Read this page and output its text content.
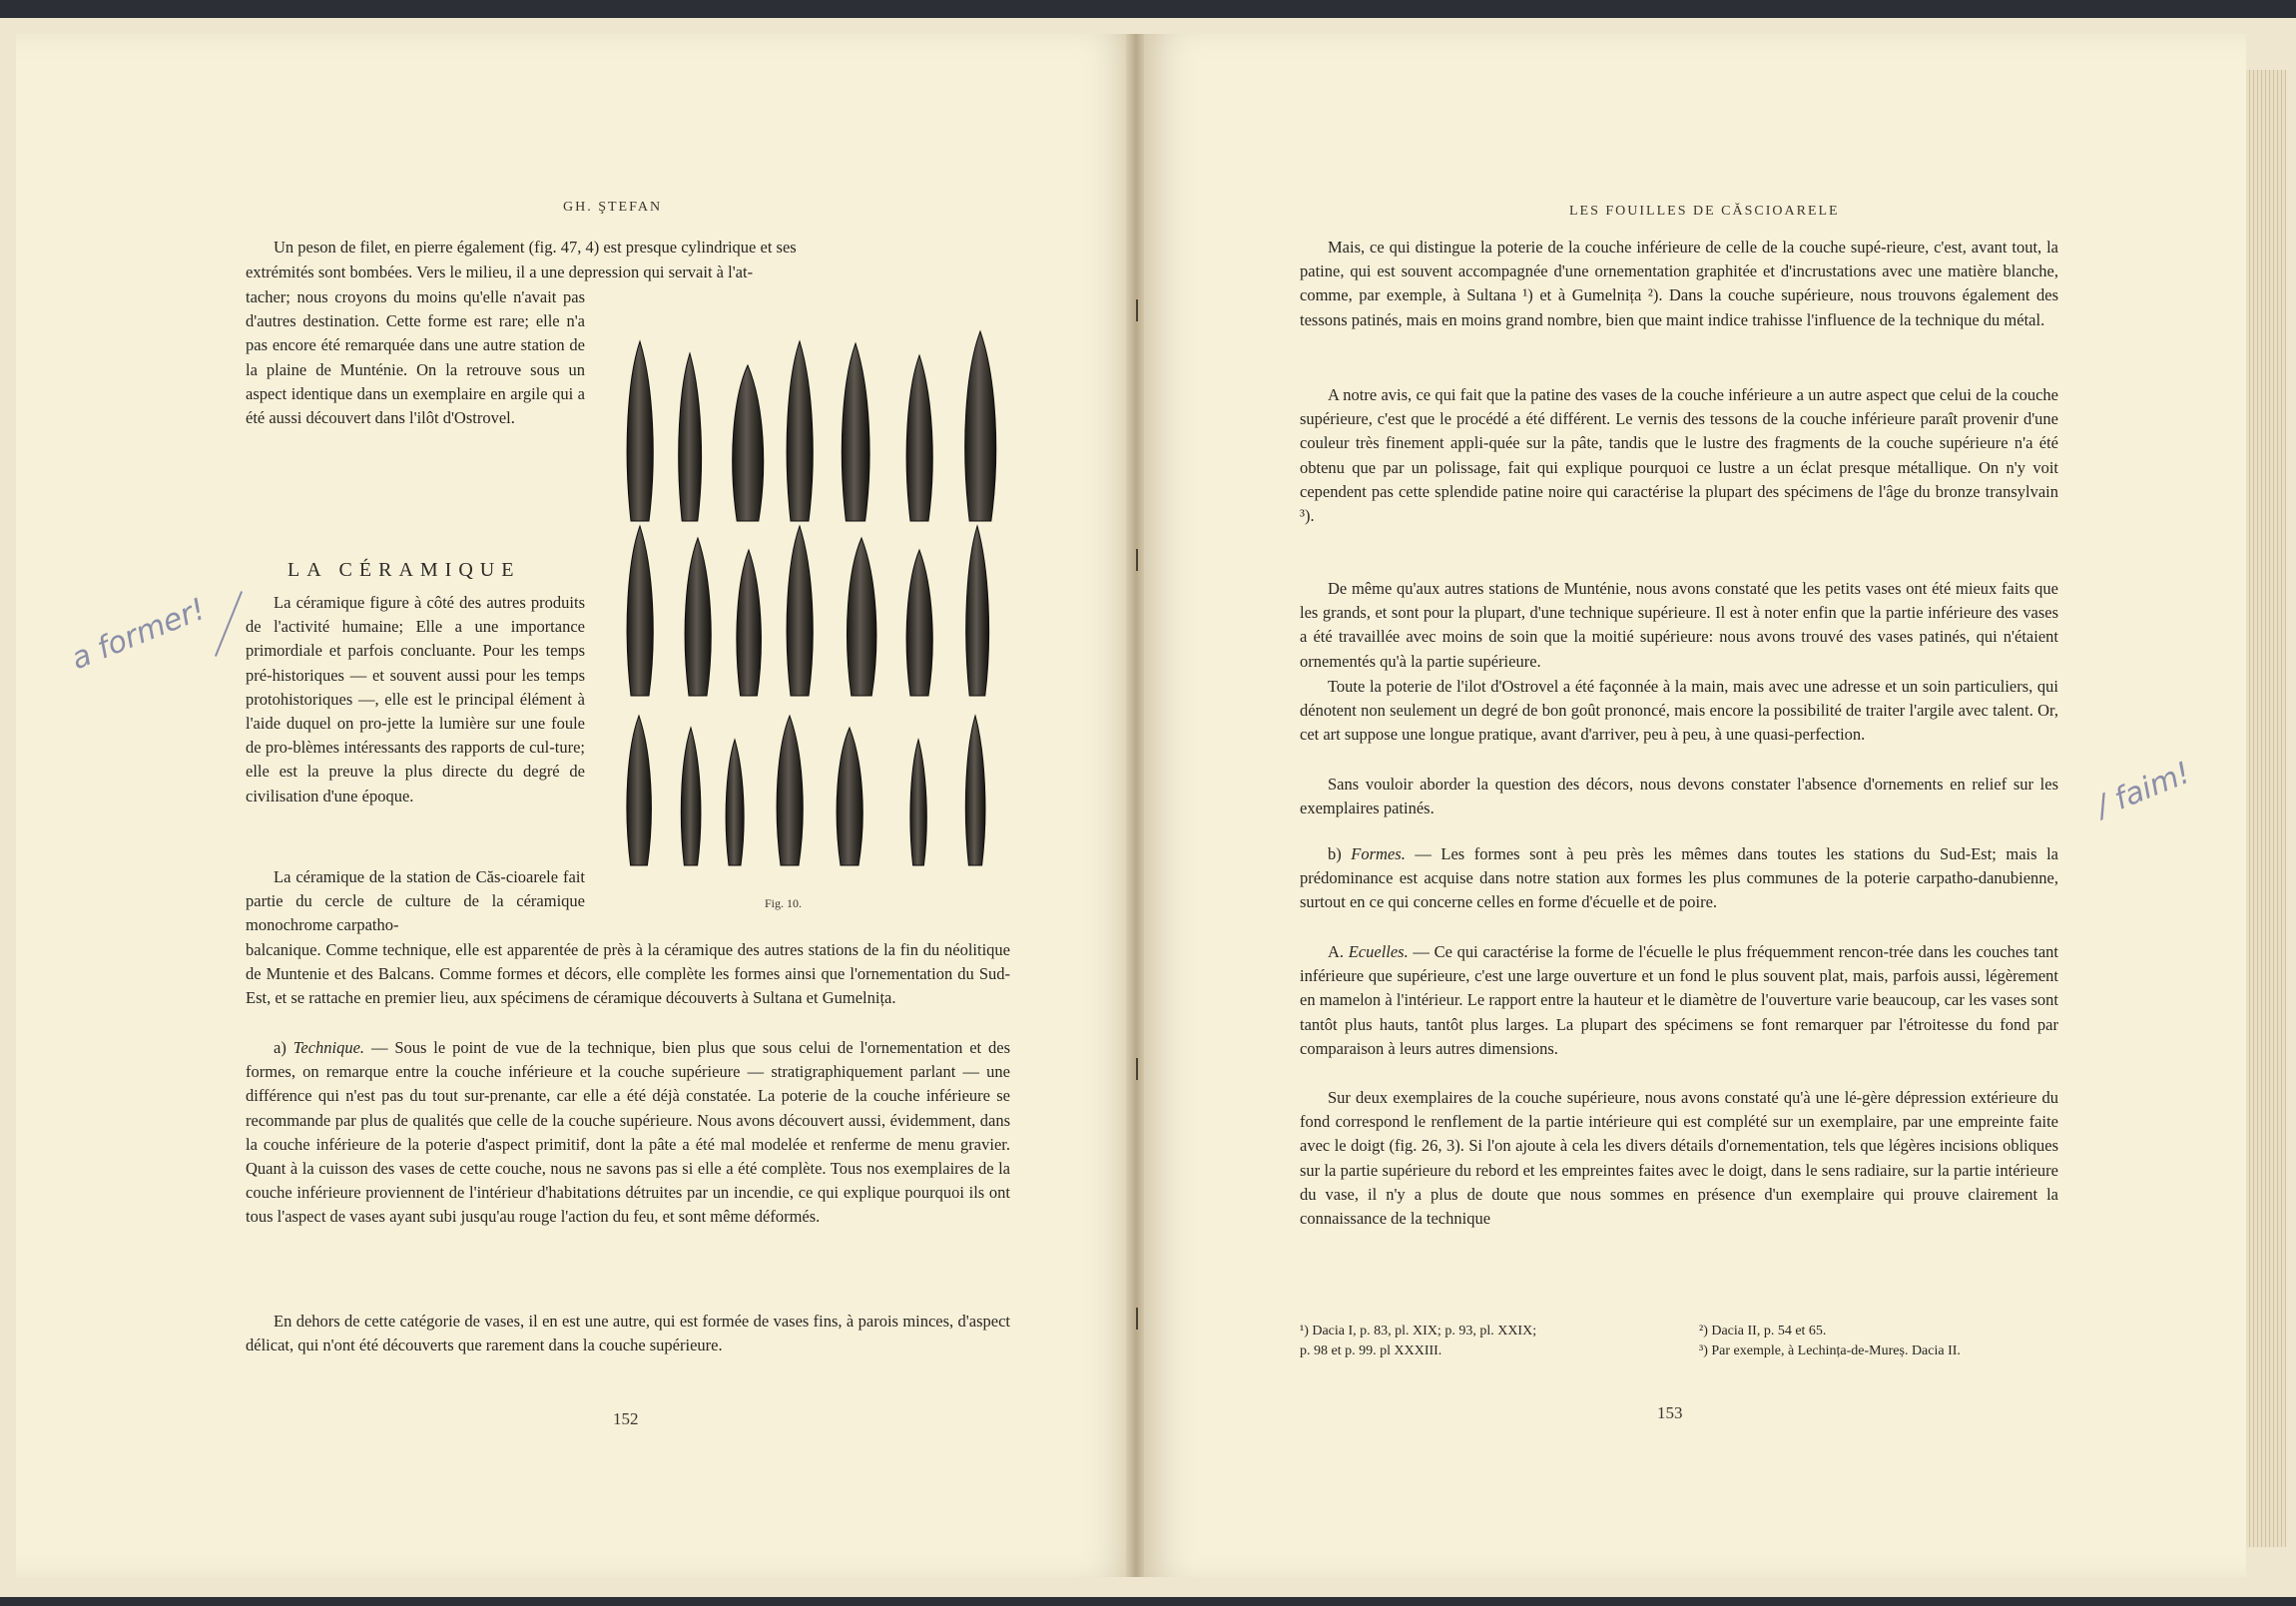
GH. ŞTEFAN

Un peson de filet, en pierre également (fig. 47, 4) est presque cylindrique et ses

extrémités sont bombées. Vers le milieu, il a une depression qui servait à l'at-

tacher; nous croyons du moins qu'elle n'avait pas d'autres destination. Cette forme est rare; elle n'a pas encore été remarquée dans une autre station de la plaine de Munténie. On la retrouve sous un aspect identique dans un exemplaire en argile qui a été aussi découvert dans l'ilôt d'Ostrovel.

LA CÉRAMIQUE

La céramique figure à côté des autres produits de l'activité humaine; Elle a une importance primordiale et parfois concluante. Pour les temps pré-historiques — et souvent aussi pour les temps protohistoriques —, elle est le principal élément à l'aide duquel on pro-jette la lumière sur une foule de pro-blèmes intéressants des rapports de cul-ture; elle est la preuve la plus directe du degré de civilisation d'une époque.

La céramique de la station de Căs-cioarele fait partie du cercle de culture de la céramique monochrome carpatho-

balcanique. Comme technique, elle est apparentée de près à la céramique des autres stations de la fin du néolitique de Muntenie et des Balcans. Comme formes et décors, elle complète les formes ainsi que l'ornementation du Sud-Est, et se rattache en premier lieu, aux spécimens de céramique découverts à Sultana et Gumelnița.

a) Technique. — Sous le point de vue de la technique, bien plus que sous celui de l'ornementation et des formes, on remarque entre la couche inférieure et la couche supérieure — stratigraphiquement parlant — une différence qui n'est pas du tout sur-prenante, car elle a été déjà constatée. La poterie de la couche inférieure se recommande par plus de qualités que celle de la couche supérieure. Nous avons découvert aussi, évidemment, dans la couche inférieure de la poterie d'aspect primitif, dont la pâte a été mal modelée et renferme de menu gravier. Quant à la cuisson des vases de cette couche, nous ne savons pas si elle a été complète. Tous nos exemplaires de la couche inférieure proviennent de l'intérieur d'habitations détruites par un incendie, ce qui explique pourquoi ils ont tous l'aspect de vases ayant subi jusqu'au rouge l'action du feu, et sont même déformés.

En dehors de cette catégorie de vases, il en est une autre, qui est formée de vases fins, à parois minces, d'aspect délicat, qui n'ont été découverts que rarement dans la couche supérieure.

Fig. 10.
152
a former!
LES FOUILLES DE CĂSCIOARELE

Mais, ce qui distingue la poterie de la couche inférieure de celle de la couche supé-rieure, c'est, avant tout, la patine, qui est souvent accompagnée d'une ornementation graphitée et d'incrustations avec une matière blanche, comme, par exemple, à Sultana ¹) et à Gumelnița ²). Dans la couche supérieure, nous trouvons également des tessons patinés, mais en moins grand nombre, bien que maint indice trahisse l'influence de la technique du métal.

A notre avis, ce qui fait que la patine des vases de la couche inférieure a un autre aspect que celui de la couche supérieure, c'est que le procédé a été différent. Le vernis des tessons de la couche inférieure paraît provenir d'une couleur très finement appli-quée sur la pâte, tandis que le lustre des fragments de la couche supérieure n'a été obtenu que par un polissage, fait qui explique pourquoi ce lustre a un éclat presque métallique. On n'y voit cependent pas cette splendide patine noire qui caractérise la plupart des spécimens de l'âge du bronze transylvain ³).

De même qu'aux autres stations de Munténie, nous avons constaté que les petits vases ont été mieux faits que les grands, et sont pour la plupart, d'une technique supérieure. Il est à noter enfin que la partie inférieure des vases a été travaillée avec moins de soin que la moitié supérieure: nous avons trouvé des vases patinés, qui n'étaient ornementés qu'à la partie supérieure.

Toute la poterie de l'ilot d'Ostrovel a été façonnée à la main, mais avec une adresse et un soin particuliers, qui dénotent non seulement un degré de bon goût prononcé, mais encore la possibilité de traiter l'argile avec talent. Or, cet art suppose une longue pratique, avant d'arriver, peu à peu, à une quasi-perfection.

Sans vouloir aborder la question des décors, nous devons constater l'absence d'ornements en relief sur les exemplaires patinés.

b) Formes. — Les formes sont à peu près les mêmes dans toutes les stations du Sud-Est; mais la prédominance est acquise dans notre station aux formes les plus communes de la poterie carpatho-danubienne, surtout en ce qui concerne celles en forme d'écuelle et de poire.

A. Ecuelles. — Ce qui caractérise la forme de l'écuelle le plus fréquemment rencon-trée dans les couches tant inférieure que supérieure, c'est une large ouverture et un fond le plus souvent plat, mais, parfois aussi, légèrement en mamelon à l'intérieur. Le rapport entre la hauteur et le diamètre de l'ouverture varie beaucoup, car les vases sont tantôt plus hauts, tantôt plus larges. La plupart des spécimens se font remarquer par l'étroitesse du fond par comparaison à leurs autres dimensions.

Sur deux exemplaires de la couche supérieure, nous avons constaté qu'à une lé-gère dépression extérieure du fond correspond le renflement de la partie intérieure qui est complété sur un exemplaire, par une empreinte faite avec le doigt (fig. 26, 3). Si l'on ajoute à cela les divers détails d'ornementation, tels que légères incisions obliques sur la partie supérieure du rebord et les empreintes faites avec le doigt, dans le sens radiaire, sur la partie intérieure du vase, il n'y a plus de doute que nous sommes en présence d'un exemplaire qui prouve clairement la connaissance de la technique

¹) Dacia I, p. 83, pl. XIX; p. 93, pl. XXIX;

p. 98 et p. 99. pl XXXIII.

²) Dacia II, p. 54 et 65.

³) Par exemple, à Lechința-de-Mureș. Dacia II.

153
/ faim!
